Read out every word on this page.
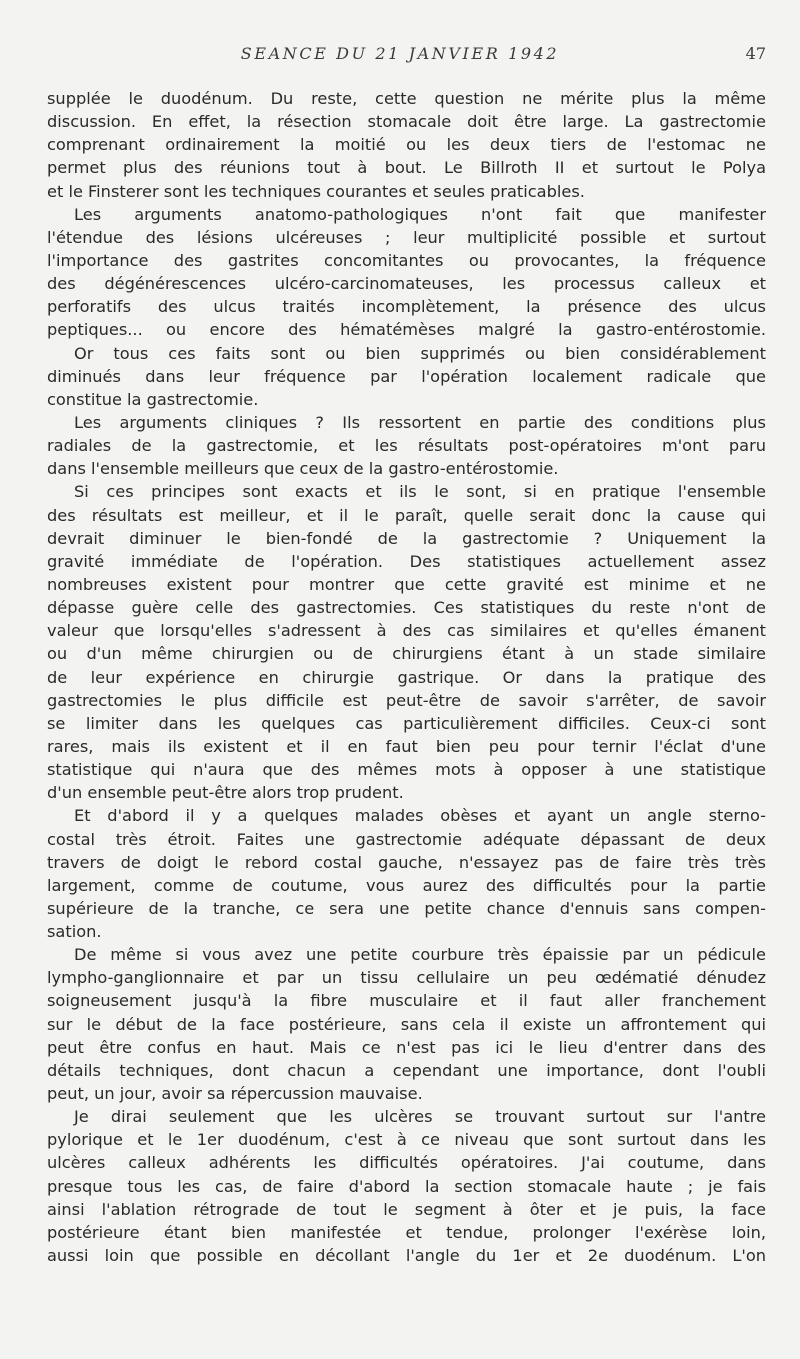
SEANCE DU 21 JANVIER 1942	47
supplée le duodénum. Du reste, cette question ne mérite plus la même
discussion. En effet, la résection stomacale doit être large. La gastrectomie
comprenant ordinairement la moitié ou les deux tiers de l'estomac ne
permet plus des réunions tout à bout. Le Billroth II et surtout le Polya
et le Finsterer sont les techniques courantes et seules praticables.
Les arguments anatomo-pathologiques n'ont fait que manifester
l'étendue des lésions ulcéreuses ; leur multiplicité possible et surtout
l'importance des gastrites concomitantes ou provocantes, la fréquence
des dégénérescences ulcéro-carcinomateuses, les processus calleux et
perforatifs des ulcus traités incomplètement, la présence des ulcus
peptiques... ou encore des hématémèses malgré la gastro-entérostomie.
Or tous ces faits sont ou bien supprimés ou bien considérablement
diminués dans leur fréquence par l'opération localement radicale que
constitue la gastrectomie.
Les arguments cliniques ? Ils ressortent en partie des conditions plus
radiales de la gastrectomie, et les résultats post-opératoires m'ont paru
dans l'ensemble meilleurs que ceux de la gastro-entérostomie.
Si ces principes sont exacts et ils le sont, si en pratique l'ensemble
des résultats est meilleur, et il le paraît, quelle serait donc la cause qui
devrait diminuer le bien-fondé de la gastrectomie ? Uniquement la
gravité immédiate de l'opération. Des statistiques actuellement assez
nombreuses existent pour montrer que cette gravité est minime et ne
dépasse guère celle des gastrectomies. Ces statistiques du reste n'ont de
valeur que lorsqu'elles s'adressent à des cas similaires et qu'elles émanent
ou d'un même chirurgien ou de chirurgiens étant à un stade similaire
de leur expérience en chirurgie gastrique. Or dans la pratique des
gastrectomies le plus difficile est peut-être de savoir s'arrêter, de savoir
se limiter dans les quelques cas particulièrement difficiles. Ceux-ci sont
rares, mais ils existent et il en faut bien peu pour ternir l'éclat d'une
statistique qui n'aura que des mêmes mots à opposer à une statistique
d'un ensemble peut-être alors trop prudent.
Et d'abord il y a quelques malades obèses et ayant un angle sterno-
costal très étroit. Faites une gastrectomie adéquate dépassant de deux
travers de doigt le rebord costal gauche, n'essayez pas de faire très très
largement, comme de coutume, vous aurez des difficultés pour la partie
supérieure de la tranche, ce sera une petite chance d'ennuis sans compen-
sation.
De même si vous avez une petite courbure très épaissie par un pédicule
lympho-ganglionnaire et par un tissu cellulaire un peu œdématié dénudez
soigneusement jusqu'à la fibre musculaire et il faut aller franchement
sur le début de la face postérieure, sans cela il existe un affrontement qui
peut être confus en haut. Mais ce n'est pas ici le lieu d'entrer dans des
détails techniques, dont chacun a cependant une importance, dont l'oubli
peut, un jour, avoir sa répercussion mauvaise.
Je dirai seulement que les ulcères se trouvant surtout sur l'antre
pylorique et le 1er duodénum, c'est à ce niveau que sont surtout dans les
ulcères calleux adhérents les difficultés opératoires. J'ai coutume, dans
presque tous les cas, de faire d'abord la section stomacale haute ; je fais
ainsi l'ablation rétrograde de tout le segment à ôter et je puis, la face
postérieure étant bien manifestée et tendue, prolonger l'exérèse loin,
aussi loin que possible en décollant l'angle du 1er et 2e duodénum. L'on
